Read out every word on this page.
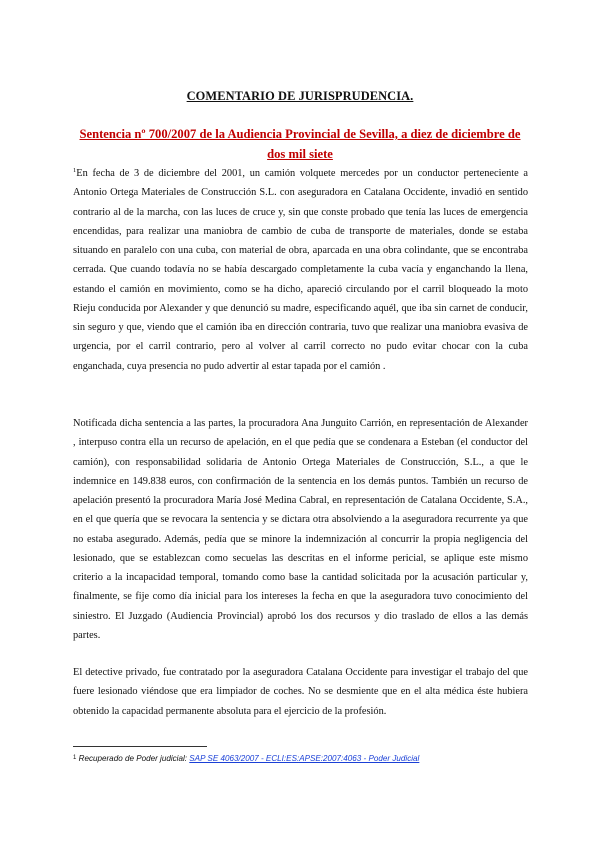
COMENTARIO DE JURISPRUDENCIA.
Sentencia nº 700/2007 de la Audiencia Provincial de Sevilla, a diez de diciembre de dos mil siete

$^1$En fecha de 3 de diciembre del 2001, un camión volquete mercedes por un conductor perteneciente a Antonio Ortega Materiales de Construcción S.L. con aseguradora en Catalana Occidente, invadió en sentido contrario al de la marcha, con las luces de cruce y, sin que conste probado que tenía las luces de emergencia encendidas, para realizar una maniobra de cambio de cuba de transporte de materiales, donde se estaba situando en paralelo con una cuba, con material de obra, aparcada en una obra colindante, que se encontraba cerrada. Que cuando todavía no se había descargado completamente la cuba vacía y enganchando la llena, estando el camión en movimiento, como se ha dicho, apareció circulando por el carril bloqueado la moto Rieju conducida por Alexander y que denunció su madre, especificando aquél, que iba sin carnet de conducir, sin seguro y que, viendo que el camión iba en dirección contraria, tuvo que realizar una maniobra evasiva de urgencia, por el carril contrario, pero al volver al carril correcto no pudo evitar chocar con la cuba enganchada, cuya presencia no pudo advertir al estar tapada por el camión .

Notificada dicha sentencia a las partes, la procuradora Ana Junguito Carrión, en representación de Alexander , interpuso contra ella un recurso de apelación, en el que pedía que se condenara a Esteban (el conductor del camión), con responsabilidad solidaria de Antonio Ortega Materiales de Construcción, S.L., a que le indemnice en 149.838 euros, con confirmación de la sentencia en los demás puntos. También un recurso de apelación presentó la procuradora María José Medina Cabral, en representación de Catalana Occidente, S.A., en el que quería que se revocara la sentencia y se dictara otra absolviendo a la aseguradora recurrente ya que no estaba asegurado. Además, pedía que se minore la indemnización al concurrir la propia negligencia del lesionado, que se establezcan como secuelas las descritas en el informe pericial, se aplique este mismo criterio a la incapacidad temporal, tomando como base la cantidad solicitada por la acusación particular y, finalmente, se fije como día inicial para los intereses la fecha en que la aseguradora tuvo conocimiento del siniestro. El Juzgado (Audiencia Provincial) aprobó los dos recursos y dio traslado de ellos a las demás partes.

El detective privado, fue contratado por la aseguradora Catalana Occidente para investigar el trabajo del que fuere lesionado viéndose que era limpiador de coches. No se desmiente que en el alta médica éste hubiera obtenido la capacidad permanente absoluta para el ejercicio de la profesión.

$^1$ Recuperado de Poder judicial: SAP SE 4063/2007 - ECLI:ES:APSE:2007:4063 - Poder Judicial
